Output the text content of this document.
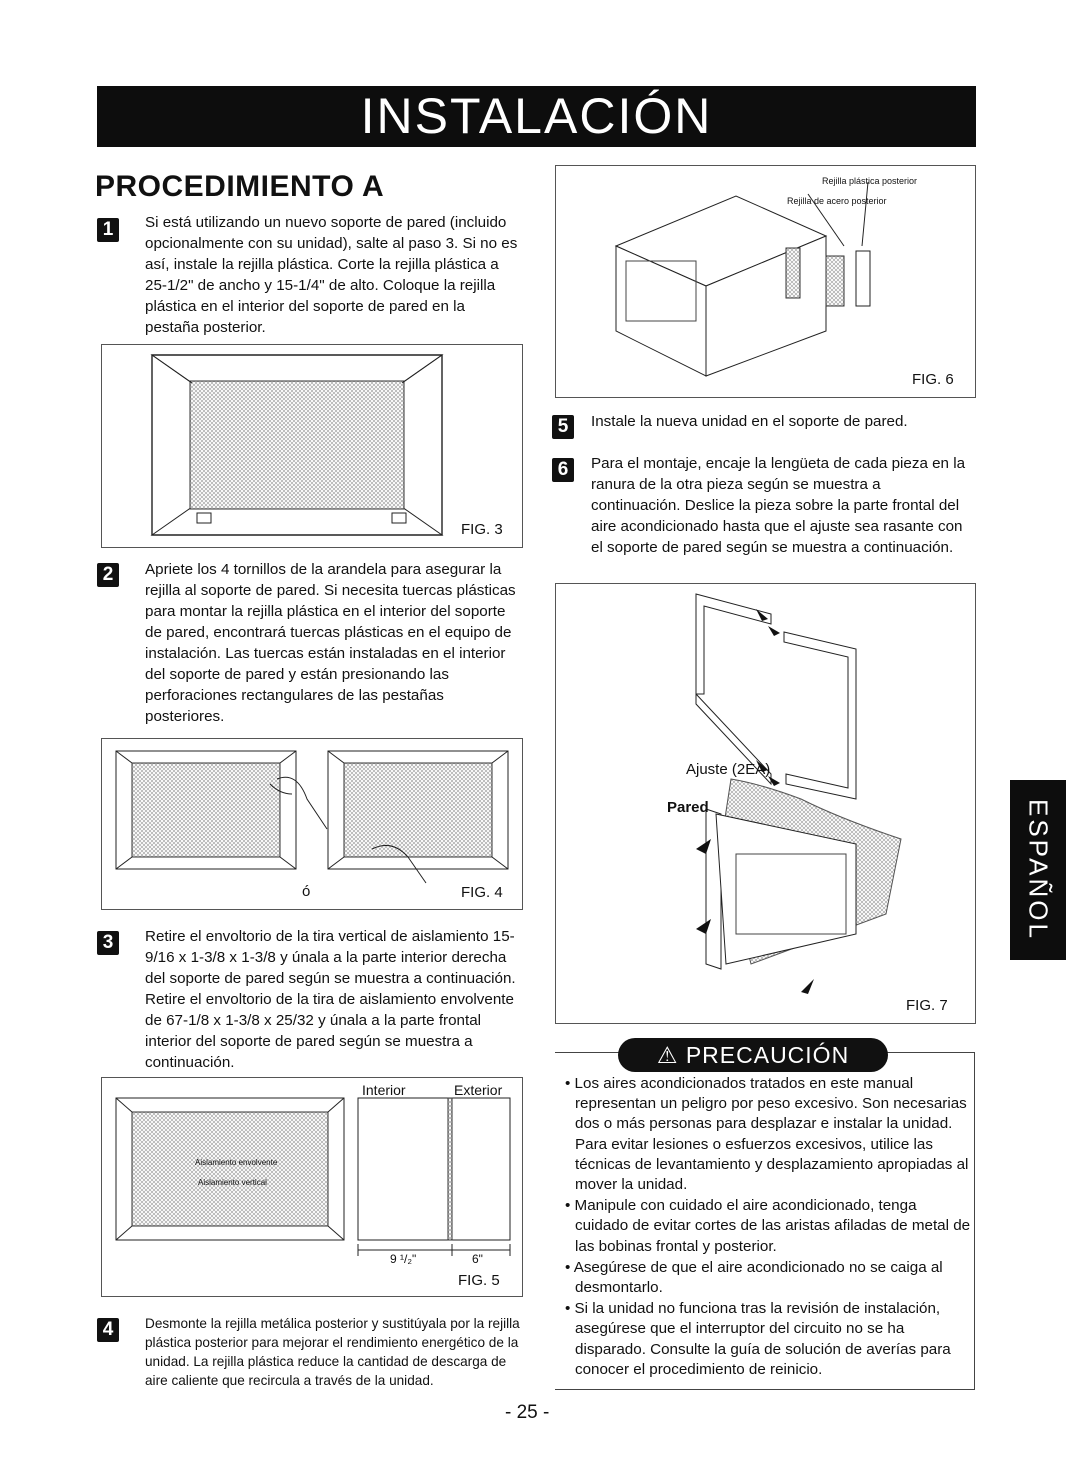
INSTALACIÓN
PROCEDIMIENTO A
1	Si está utilizando un nuevo soporte de pared (incluido opcionalmente con su unidad), salte al paso 3. Si no es así, instale la rejilla plástica. Corte la rejilla plástica a 25-1/2" de ancho y 15-1/4" de alto. Coloque la rejilla plástica en el interior del soporte de pared en la pestaña posterior.
FIG. 3
2	Apriete los 4 tornillos de la arandela para asegurar la rejilla al soporte de pared. Si necesita tuercas plásticas para montar la rejilla plástica en el interior del soporte de pared, encontrará tuercas plásticas en el equipo de instalación. Las tuercas están instaladas en el interior del soporte de pared y están presionando las perforaciones rectangulares de las pestañas posteriores.
ó	FIG. 4
3	Retire el envoltorio de la tira vertical de aislamiento 15-9/16 x 1-3/8 x 1-3/8 y únala a la parte interior derecha del soporte de pared según se muestra a continuación. Retire el envoltorio de la tira de aislamiento envolvente de 67-1/8 x 1-3/8 x 25/32 y únala a la parte frontal interior del soporte de pared según se muestra a continuación.
Interior	Exterior
Aislamiento envolvente
Aislamiento vertical
9 ¹/₂"	6"
FIG. 5
4	Desmonte la rejilla metálica posterior y sustitúyala por la rejilla plástica posterior para mejorar el rendimiento energético de la unidad. La rejilla plástica reduce la cantidad de descarga de aire caliente que recircula a través de la unidad.
Rejilla plástica posterior
Rejilla de acero posterior
FIG. 6
5	Instale la nueva unidad en el soporte de pared.
6	Para el montaje, encaje la lengüeta de cada pieza en la ranura de la otra pieza según se muestra a continuación. Deslice la pieza sobre la parte frontal del aire acondicionado hasta que el ajuste sea rasante con el soporte de pared según se muestra a continuación.
Ajuste (2EA)
Pared
FIG. 7
⚠ PRECAUCIÓN

• Los aires acondicionados tratados en este manual representan un peligro por peso excesivo. Son necesarias dos o más personas para desplazar e instalar la unidad. Para evitar lesiones o esfuerzos excesivos, utilice las técnicas de levantamiento y desplazamiento apropiadas al mover la unidad.

• Manipule con cuidado el aire acondicionado, tenga cuidado de evitar cortes de las aristas afiladas de metal de las bobinas frontal y posterior.

• Asegúrese de que el aire acondicionado no se caiga al desmontarlo.

• Si la unidad no funciona tras la revisión de instalación, asegúrese que el interruptor del circuito no se ha disparado. Consulte la guía de solución de averías para conocer el procedimiento de reinicio.

ESPAÑOL
- 25 -
